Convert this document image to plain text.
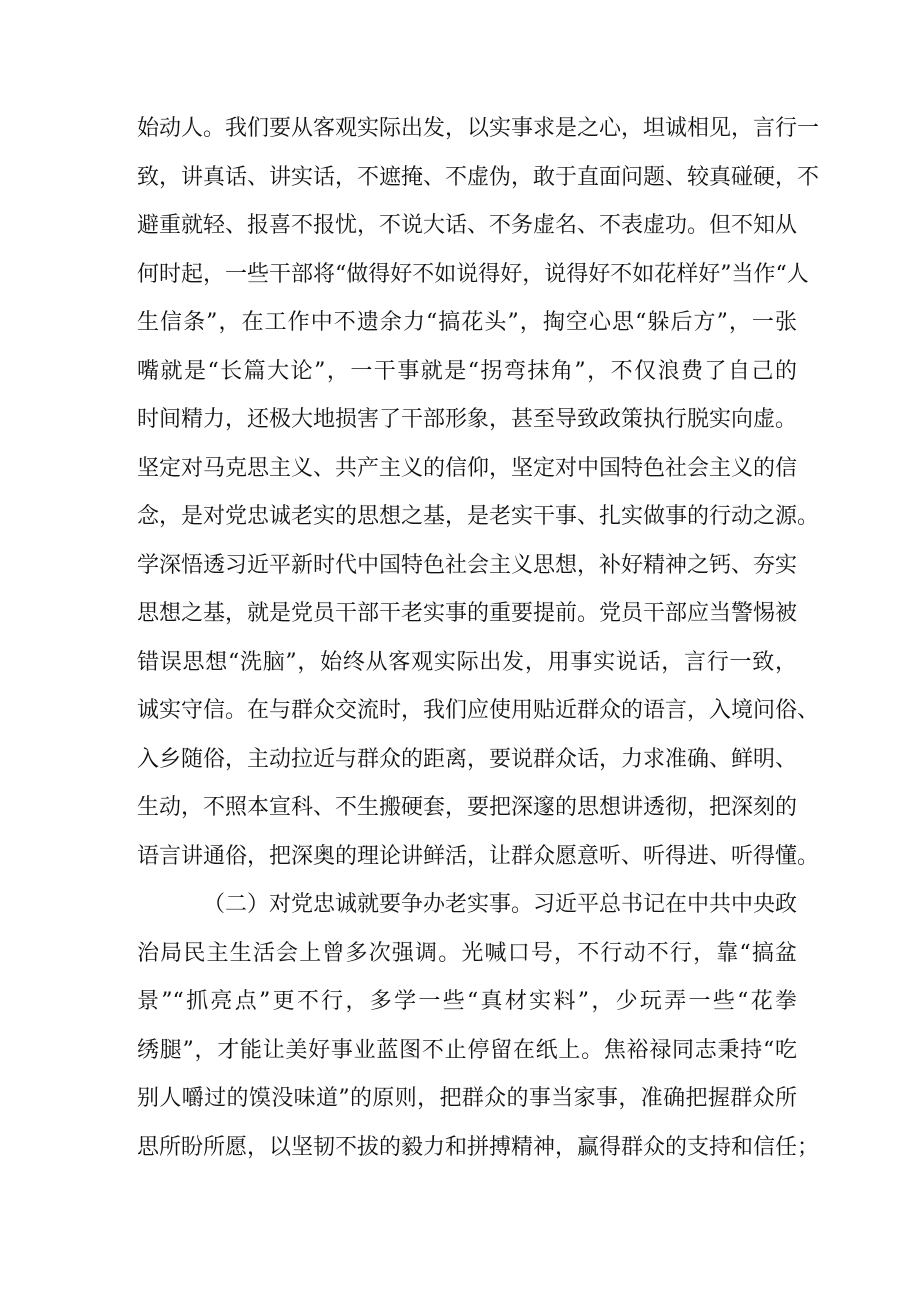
始动人。我们要从客观实际出发，以实事求是之心，坦诚相见，言行一
致，讲真话、讲实话，不遮掩、不虚伪，敢于直面问题、较真碰硬，不
避重就轻、报喜不报忧，不说大话、不务虚名、不表虚功。但不知从
何时起，一些干部将“做得好不如说得好，说得好不如花样好”当作“人
生信条”，在工作中不遗余力“搞花头”，掏空心思“躲后方”，一张
嘴就是“长篇大论”，一干事就是“拐弯抹角”，不仅浪费了自己的
时间精力，还极大地损害了干部形象，甚至导致政策执行脱实向虚。
坚定对马克思主义、共产主义的信仰，坚定对中国特色社会主义的信
念，是对党忠诚老实的思想之基，是老实干事、扎实做事的行动之源。
学深悟透习近平新时代中国特色社会主义思想，补好精神之钙、夯实
思想之基，就是党员干部干老实事的重要提前。党员干部应当警惕被
错误思想“洗脑”，始终从客观实际出发，用事实说话，言行一致，
诚实守信。在与群众交流时，我们应使用贴近群众的语言，入境问俗、
入乡随俗，主动拉近与群众的距离，要说群众话，力求准确、鲜明、
生动，不照本宣科、不生搬硬套，要把深邃的思想讲透彻，把深刻的
语言讲通俗，把深奥的理论讲鲜活，让群众愿意听、听得进、听得懂。
（二）对党忠诚就要争办老实事。习近平总书记在中共中央政
治局民主生活会上曾多次强调。光喊口号，不行动不行，靠“搞盆
景”“抓亮点”更不行，多学一些“真材实料”，少玩弄一些“花拳
绣腿”，才能让美好事业蓝图不止停留在纸上。焦裕禄同志秉持“吃
别人嚼过的馍没味道”的原则，把群众的事当家事，准确把握群众所
思所盼所愿，以坚韧不拔的毅力和拼搏精神，赢得群众的支持和信任；
